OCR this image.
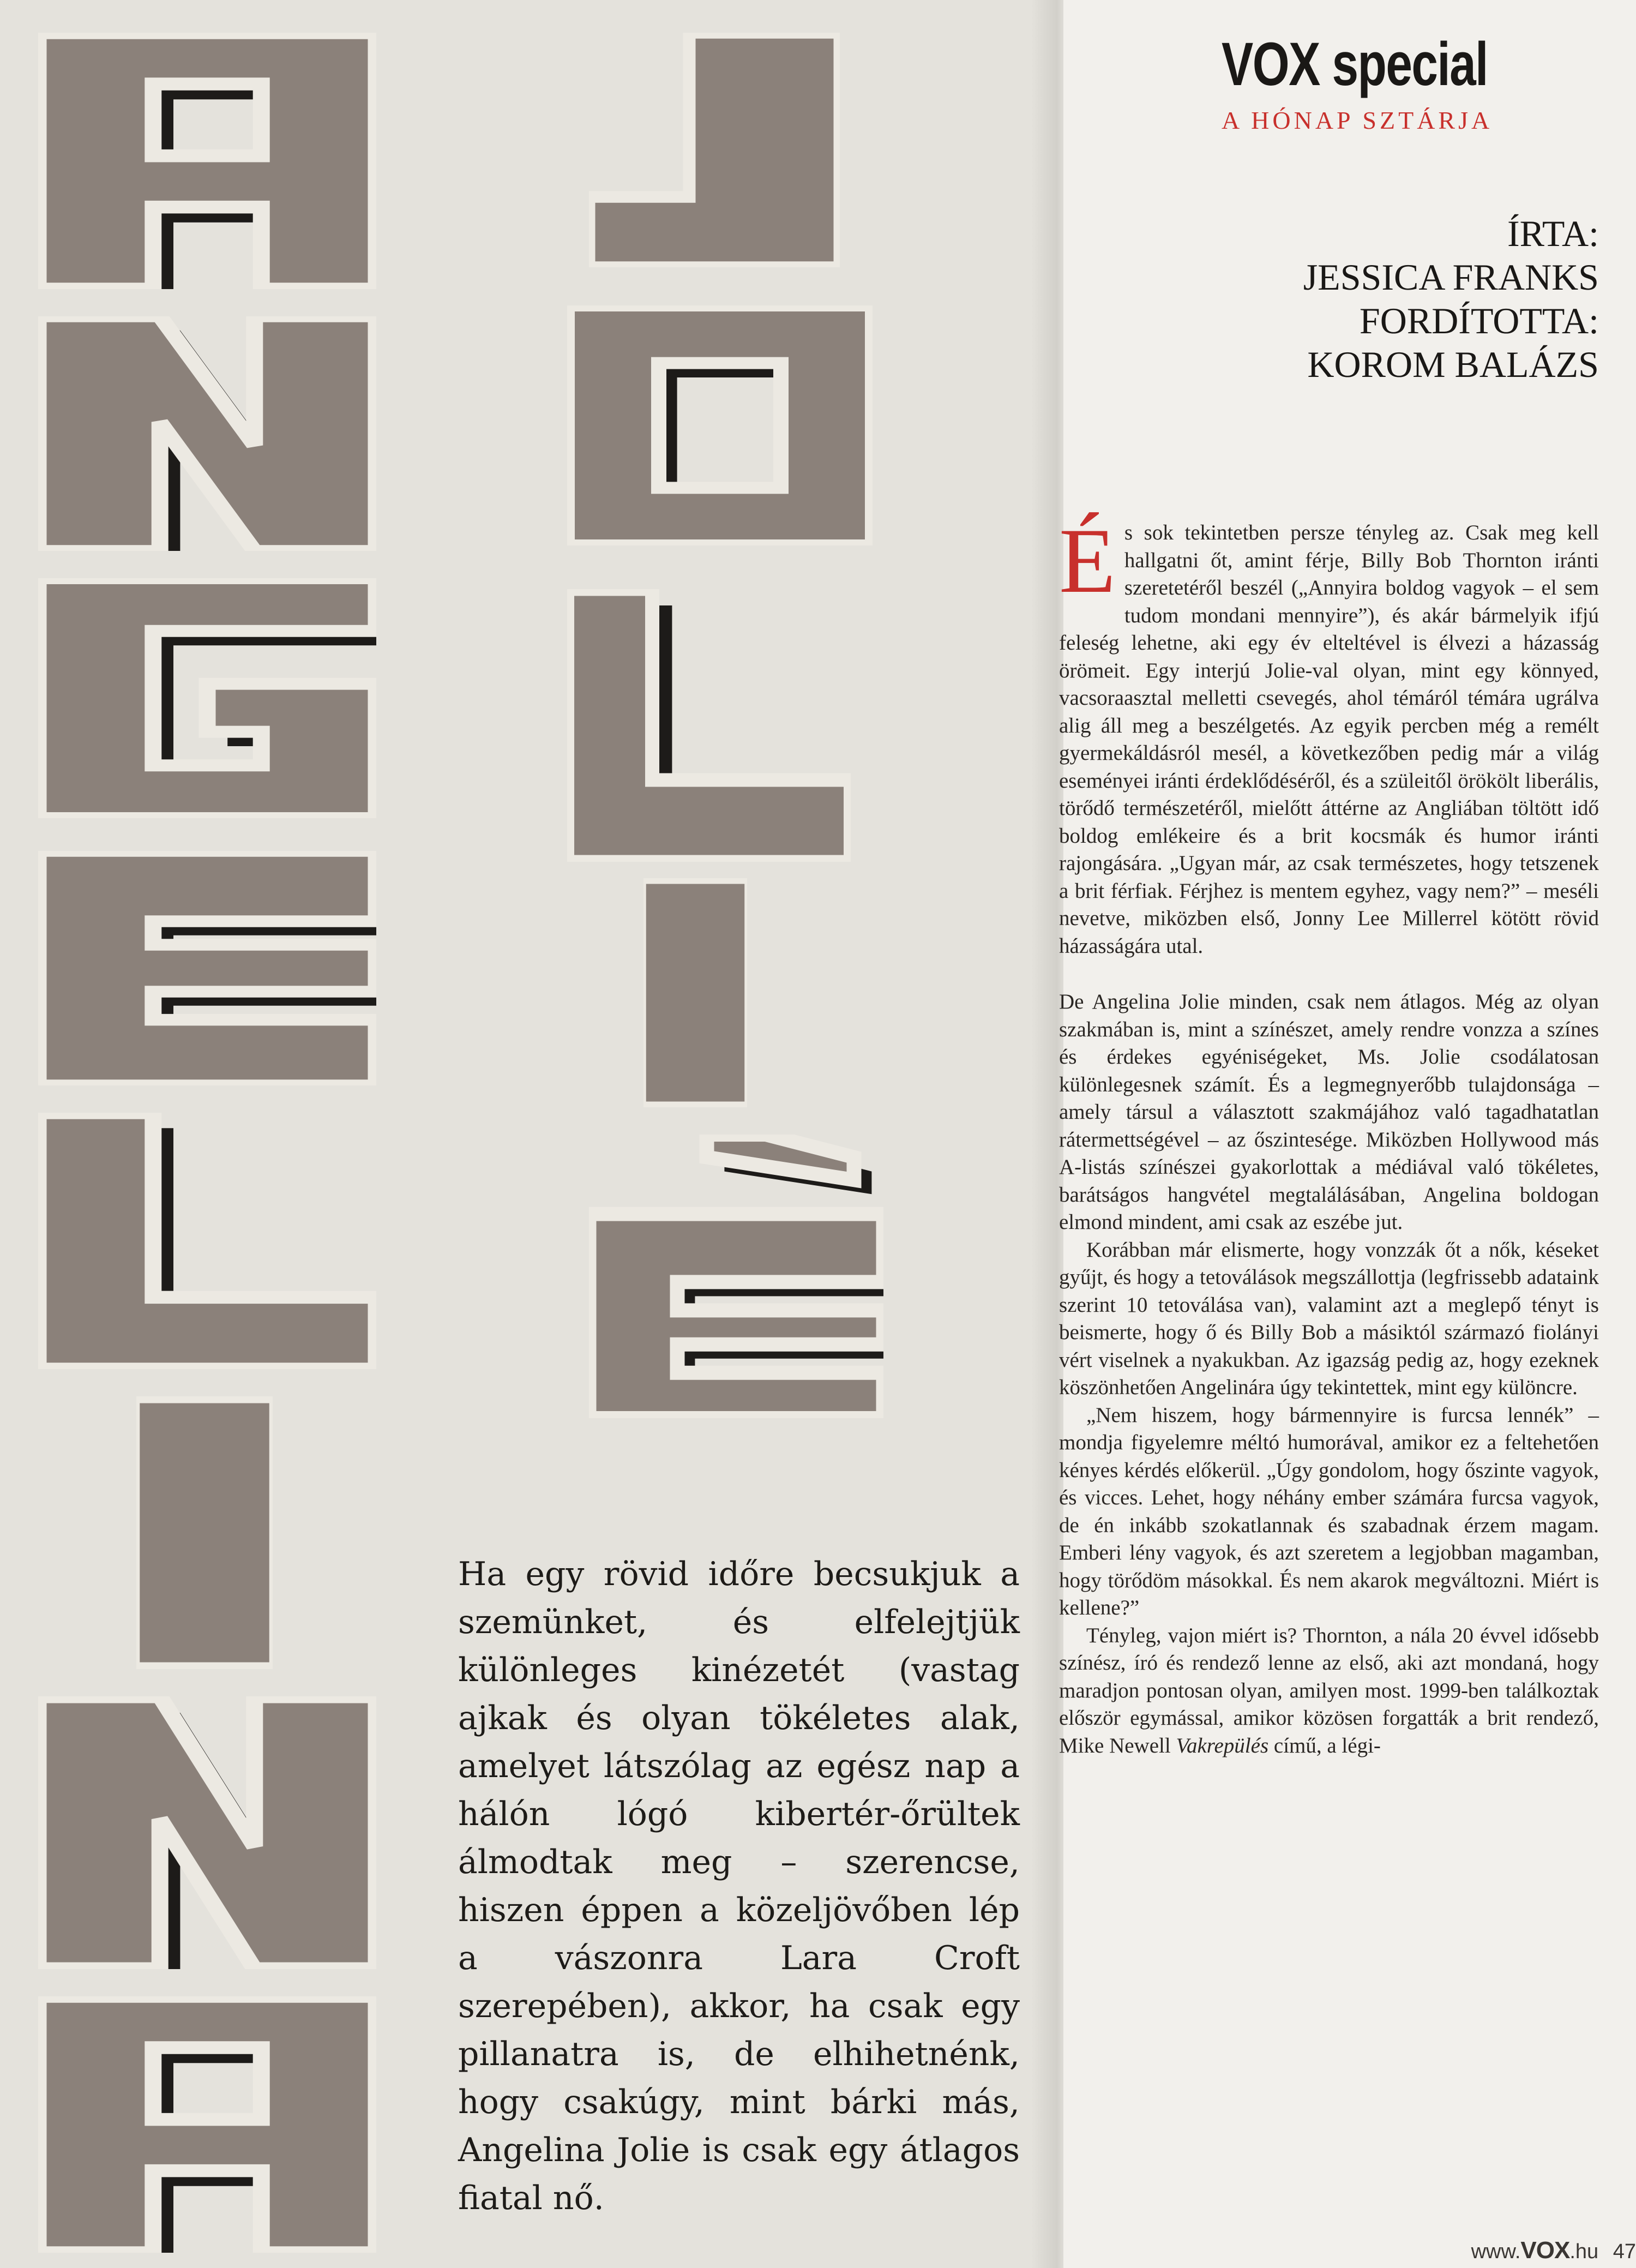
VOX special
A HÓNAP SZTÁRJA
ÍRTA:
JESSICA FRANKS
FORDÍTOTTA:
KOROM BALÁZS

És sok tekintetben persze tényleg az. Csak meg kell hallgatni őt, amint férje, Billy Bob Thornton iránti szeretetéről beszél („Annyira boldog vagyok – el sem tudom mondani mennyire”), és akár bármelyik ifjú feleség lehetne, aki egy év elteltével is élvezi a házasság örömeit. Egy interjú Jolie-val olyan, mint egy könnyed, vacsoraasztal melletti csevegés, ahol témáról témára ugrálva alig áll meg a beszélgetés. Az egyik percben még a remélt gyermekáldásról mesél, a következőben pedig már a világ eseményei iránti érdeklődéséről, és a szüleitől örökölt liberális, törődő természetéről, mielőtt áttérne az Angliában töltött idő boldog emlékeire és a brit kocsmák és humor iránti rajongására. „Ugyan már, az csak természetes, hogy tetszenek a brit férfiak. Férjhez is mentem egyhez, vagy nem?” – meséli nevetve, miközben első, Jonny Lee Millerrel kötött rövid házasságára utal.

De Angelina Jolie minden, csak nem átlagos. Még az olyan szakmában is, mint a színészet, amely rendre vonzza a színes és érdekes egyéniségeket, Ms. Jolie csodálatosan különlegesnek számít. És a legmegnyerőbb tulajdonsága – amely társul a választott szakmájához való tagadhatatlan rátermettségével – az őszintesége. Miközben Hollywood más A-listás színészei gyakorlottak a médiával való tökéletes, barátságos hangvétel megtalálásában, Angelina boldogan elmond mindent, ami csak az eszébe jut.

Korábban már elismerte, hogy vonzzák őt a nők, késeket gyűjt, és hogy a tetoválások megszállottja (legfrissebb adataink szerint 10 tetoválása van), valamint azt a meglepő tényt is beismerte, hogy ő és Billy Bob a másiktól származó fiolányi vért viselnek a nyakukban. Az igazság pedig az, hogy ezeknek köszönhetően Angelinára úgy tekintettek, mint egy különcre.

„Nem hiszem, hogy bármennyire is furcsa lennék” – mondja figyelemre méltó humorával, amikor ez a feltehetően kényes kérdés előkerül. „Úgy gondolom, hogy őszinte vagyok, és vicces. Lehet, hogy néhány ember számára furcsa vagyok, de én inkább szokatlannak és szabadnak érzem magam. Emberi lény vagyok, és azt szeretem a legjobban magamban, hogy törődöm másokkal. És nem akarok megváltozni. Miért is kellene?”

Tényleg, vajon miért is? Thornton, a nála 20 évvel idősebb színész, író és rendező lenne az első, aki azt mondaná, hogy maradjon pontosan olyan, amilyen most. 1999-ben találkoztak először egymással, amikor közösen forgatták a brit rendező, Mike Newell Vakrepülés című, a légi-

Ha egy rövid időre becsukjuk a szemünket, és elfelejtjük különleges kinézetét (vastag ajkak és olyan tökéletes alak, amelyet látszólag az egész nap a hálón lógó kibertér-őrültek álmodtak meg – szerencse, hiszen éppen a közeljövőben lép a vászonra Lara Croft szerepében), akkor, ha csak egy pillanatra is, de elhihetnénk, hogy csakúgy, mint bárki más, Angelina Jolie is csak egy átlagos fiatal nő.
www.VOX.hu 47
